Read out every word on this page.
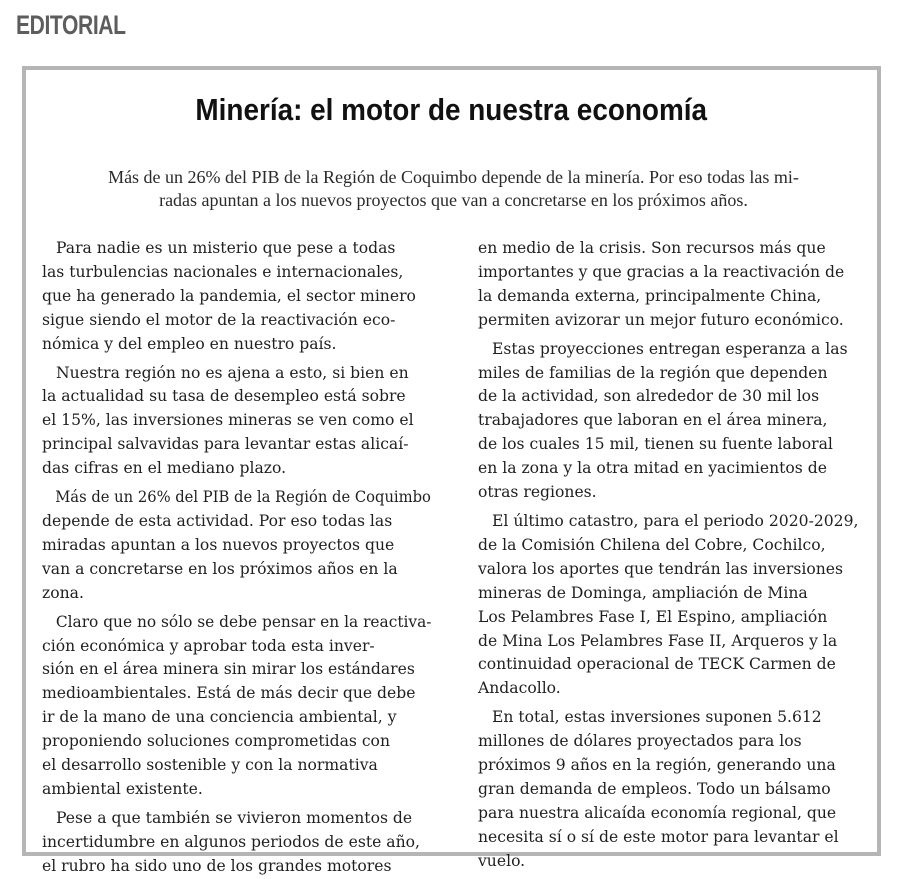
EDITORIAL
Minería: el motor de nuestra economía
Más de un 26% del PIB de la Región de Coquimbo depende de la minería. Por eso todas las mi-
radas apuntan a los nuevos proyectos que van a concretarse en los próximos años.

Para nadie es un misterio que pese a todas

las turbulencias nacionales e internacionales,

que ha generado la pandemia, el sector minero

sigue siendo el motor de la reactivación eco-

nómica y del empleo en nuestro país.

Nuestra región no es ajena a esto, si bien en

la actualidad su tasa de desempleo está sobre

el 15%, las inversiones mineras se ven como el

principal salvavidas para levantar estas alicaí-

das cifras en el mediano plazo.

Más de un 26% del PIB de la Región de Coquimbo

depende de esta actividad. Por eso todas las

miradas apuntan a los nuevos proyectos que

van a concretarse en los próximos años en la

zona.

Claro que no sólo se debe pensar en la reactiva-

ción económica y aprobar toda esta inver-

sión en el área minera sin mirar los estándares

medioambientales. Está de más decir que debe

ir de la mano de una conciencia ambiental, y

proponiendo soluciones comprometidas con

el desarrollo sostenible y con la normativa

ambiental existente.

Pese a que también se vivieron momentos de

incertidumbre en algunos periodos de este año,

el rubro ha sido uno de los grandes motores

en medio de la crisis. Son recursos más que

importantes y que gracias a la reactivación de

la demanda externa, principalmente China,

permiten avizorar un mejor futuro económico.

Estas proyecciones entregan esperanza a las

miles de familias de la región que dependen

de la actividad, son alrededor de 30 mil los

trabajadores que laboran en el área minera,

de los cuales 15 mil, tienen su fuente laboral

en la zona y la otra mitad en yacimientos de

otras regiones.

El último catastro, para el periodo 2020-2029,

de la Comisión Chilena del Cobre, Cochilco,

valora los aportes que tendrán las inversiones

mineras de Dominga, ampliación de Mina

Los Pelambres Fase I, El Espino, ampliación

de Mina Los Pelambres Fase II, Arqueros y la

continuidad operacional de TECK Carmen de

Andacollo.

En total, estas inversiones suponen 5.612

millones de dólares proyectados para los

próximos 9 años en la región, generando una

gran demanda de empleos. Todo un bálsamo

para nuestra alicaída economía regional, que

necesita sí o sí de este motor para levantar el

vuelo.
